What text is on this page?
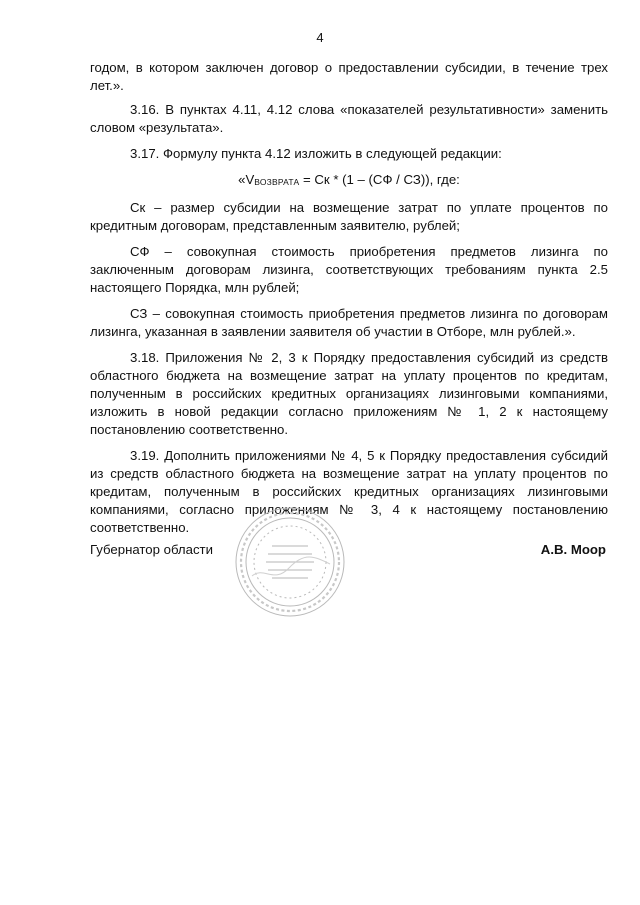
4

годом, в котором заключен договор о предоставлении субсидии, в течение трех лет.».

3.16. В пунктах 4.11, 4.12 слова «показателей результативности» заменить словом «результата».

3.17. Формулу пункта 4.12 изложить в следующей редакции:

«VВОЗВРАТА = Ск * (1 – (СФ / СЗ)), где:

Ск – размер субсидии на возмещение затрат по уплате процентов по кредитным договорам, представленным заявителю, рублей;

СФ – совокупная стоимость приобретения предметов лизинга по заключенным договорам лизинга, соответствующих требованиям пункта 2.5 настоящего Порядка, млн рублей;

СЗ – совокупная стоимость приобретения предметов лизинга по договорам лизинга, указанная в заявлении заявителя об участии в Отборе, млн рублей.».

3.18. Приложения № 2, 3 к Порядку предоставления субсидий из средств областного бюджета на возмещение затрат на уплату процентов по кредитам, полученным в российских кредитных организациях лизинговыми компаниями, изложить в новой редакции согласно приложениям № 1, 2 к настоящему постановлению соответственно.

3.19. Дополнить приложениями № 4, 5 к Порядку предоставления субсидий из средств областного бюджета на возмещение затрат на уплату процентов по кредитам, полученным в российских кредитных организациях лизинговыми компаниями, согласно приложениям № 3, 4 к настоящему постановлению соответственно.

Губернатор области	А.В. Моор
